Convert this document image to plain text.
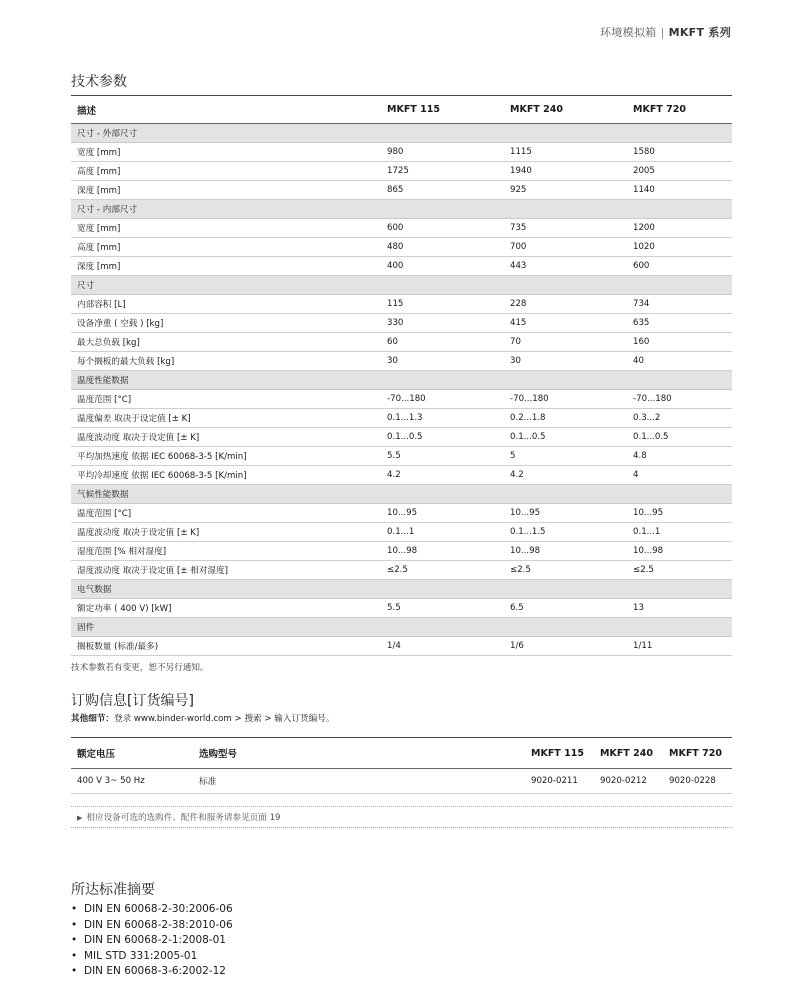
环境模拟箱 | MKFT 系列
技术参数
描述	MKFT 115	MKFT 240	MKFT 720
尺寸 - 外部尺寸			
宽度 [mm]	980	1115	1580
高度 [mm]	1725	1940	2005
深度 [mm]	865	925	1140
尺寸 - 内部尺寸			
宽度 [mm]	600	735	1200
高度 [mm]	480	700	1020
深度 [mm]	400	443	600
尺寸			
内部容积 [L]	115	228	734
设备净重 ( 空载 ) [kg]	330	415	635
最大总负载 [kg]	60	70	160
每个搁板的最大负载 [kg]	30	30	40
温度性能数据			
温度范围 [°C]	-70...180	-70...180	-70...180
温度偏差 取决于设定值 [± K]	0.1...1.3	0.2...1.8	0.3...2
温度波动度 取决于设定值 [± K]	0.1...0.5	0.1...0.5	0.1...0.5
平均加热速度 依据 IEC 60068-3-5 [K/min]	5.5	5	4.8
平均冷却速度 依据 IEC 60068-3-5 [K/min]	4.2	4.2	4
气候性能数据			
温度范围 [°C]	10...95	10...95	10...95
温度波动度 取决于设定值 [± K]	0.1...1	0.1...1.5	0.1...1
湿度范围 [% 相对湿度]	10...98	10...98	10...98
湿度波动度 取决于设定值 [± 相对湿度]	≤2.5	≤2.5	≤2.5
电气数据			
额定功率 ( 400 V) [kW]	5.5	6.5	13
固件			
搁板数量 (标准/最多)	1/4	1/6	1/11
技术参数若有变更，恕不另行通知。
订购信息[订货编号]
其他细节：登录 www.binder-world.com > 搜索 > 输入订货编号。
额定电压	选购型号	MKFT 115	MKFT 240	MKFT 720
400 V 3~ 50 Hz	标准	9020-0211	9020-0212	9020-0228
▶ 相应设备可选的选购件、配件和服务请参见页面 19
所达标准摘要
• DIN EN 60068-2-30:2006-06
• DIN EN 60068-2-38:2010-06
• DIN EN 60068-2-1:2008-01
• MIL STD 331:2005-01
• DIN EN 60068-3-6:2002-12
